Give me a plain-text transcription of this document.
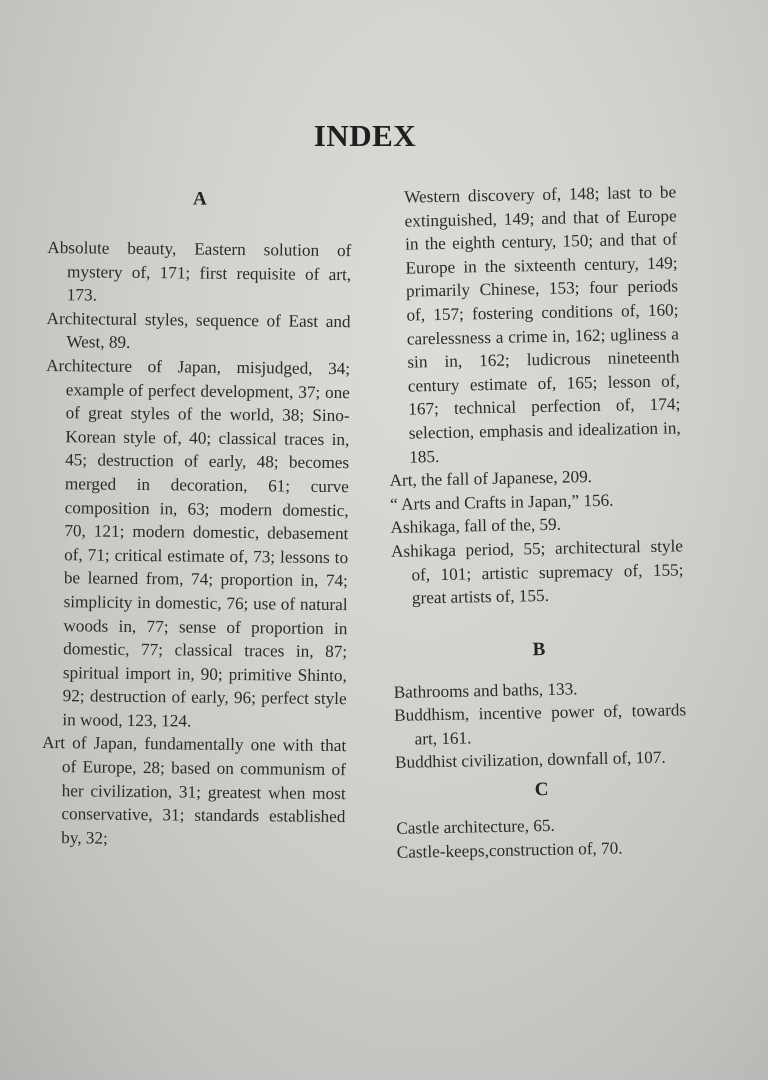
INDEX
A
Absolute beauty, Eastern solution of mystery of, 171; first requisite of art, 173.
Architectural styles, sequence of East and West, 89.
Architecture of Japan, misjudged, 34; example of perfect development, 37; one of great styles of the world, 38; Sino-Korean style of, 40; classical traces in, 45; destruction of early, 48; becomes merged in decoration, 61; curve composition in, 63; modern domestic, 70, 121; modern domestic, debasement of, 71; critical estimate of, 73; lessons to be learned from, 74; proportion in, 74; simplicity in domestic, 76; use of natural woods in, 77; sense of proportion in domestic, 77; classical traces in, 87; spiritual import in, 90; primitive Shinto, 92; destruction of early, 96; perfect style in wood, 123, 124.
Art of Japan, fundamentally one with that of Europe, 28; based on communism of her civilization, 31; greatest when most conservative, 31; standards established by, 32;
Western discovery of, 148; last to be extinguished, 149; and that of Europe in the eighth century, 150; and that of Europe in the sixteenth century, 149; primarily Chinese, 153; four periods of, 157; fostering conditions of, 160; carelessness a crime in, 162; ugliness a sin in, 162; ludicrous nineteenth century estimate of, 165; lesson of, 167; technical perfection of, 174; selection, emphasis and idealization in, 185.
Art, the fall of Japanese, 209.
“ Arts and Crafts in Japan,” 156.
Ashikaga, fall of the, 59.
Ashikaga period, 55; architectural style of, 101; artistic supremacy of, 155; great artists of, 155.
B
Bathrooms and baths, 133.
Buddhism, incentive power of, towards art, 161.
Buddhist civilization, downfall of, 107.
C
Castle architecture, 65.
Castle-keeps,construction of, 70.
